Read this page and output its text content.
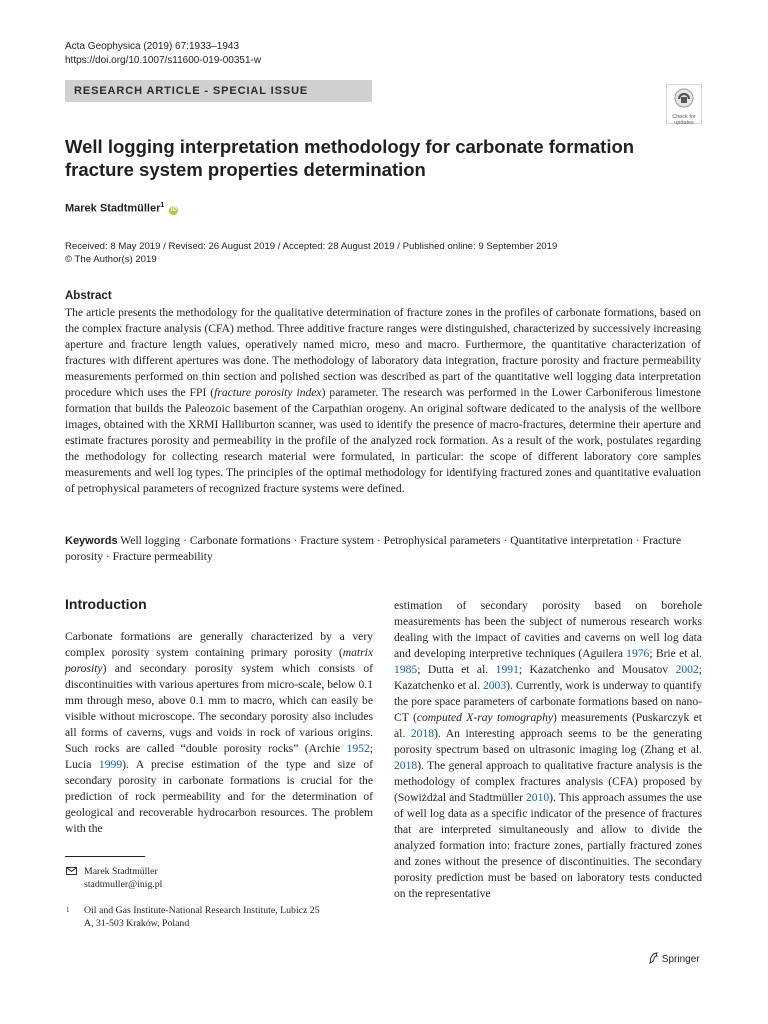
Acta Geophysica (2019) 67:1933–1943
https://doi.org/10.1007/s11600-019-00351-w
RESEARCH ARTICLE - SPECIAL ISSUE
Check for updates
Well logging interpretation methodology for carbonate formation
fracture system properties determination
Marek Stadtmüller$^1$ iD
Received: 8 May 2019 / Revised: 26 August 2019 / Accepted: 28 August 2019 / Published online: 9 September 2019
© The Author(s) 2019
Abstract

The article presents the methodology for the qualitative determination of fracture zones in the profiles of carbonate formations, based on the complex fracture analysis (CFA) method. Three additive fracture ranges were distinguished, characterized by successively increasing aperture and fracture length values, operatively named micro, meso and macro. Furthermore, the quantitative characterization of fractures with different apertures was done. The methodology of laboratory data integration, fracture porosity and fracture permeability measurements performed on thin section and polished section was described as part of the quantitative well logging data interpretation procedure which uses the FPI (fracture porosity index) parameter. The research was performed in the Lower Carboniferous limestone formation that builds the Paleozoic basement of the Carpathian orogeny. An original software dedicated to the analysis of the wellbore images, obtained with the XRMI Halliburton scanner, was used to identify the presence of macro-fractures, determine their aperture and estimate fractures porosity and permeability in the profile of the analyzed rock formation. As a result of the work, postulates regarding the methodology for collecting research material were formulated, in particular: the scope of different laboratory core samples measurements and well log types. The principles of the optimal methodology for identifying fractured zones and quantitative evaluation of petrophysical parameters of recognized fracture systems were defined.

Keywords Well logging · Carbonate formations · Fracture system · Petrophysical parameters · Quantitative interpretation · Fracture porosity · Fracture permeability

Introduction

Carbonate formations are generally characterized by a very complex porosity system containing primary porosity (matrix porosity) and secondary porosity system which consists of discontinuities with various apertures from micro-scale, below 0.1 mm through meso, above 0.1 mm to macro, which can easily be visible without microscope. The secondary porosity also includes all forms of caverns, vugs and voids in rock of various origins. Such rocks are called “double porosity rocks” (Archie 1952; Lucia 1999). A precise estimation of the type and size of secondary porosity in carbonate formations is crucial for the prediction of rock permeability and for the determination of geological and recoverable hydrocarbon resources. The problem with the

estimation of secondary porosity based on borehole measurements has been the subject of numerous research works dealing with the impact of cavities and caverns on well log data and developing interpretive techniques (Aguilera 1976; Brie et al. 1985; Dutta et al. 1991; Kazatchenko and Mousatov 2002; Kazatchenko et al. 2003). Currently, work is underway to quantify the pore space parameters of carbonate formations based on nano-CT (computed X-ray tomography) measurements (Puskarczyk et al. 2018). An interesting approach seems to be the generating porosity spectrum based on ultrasonic imaging log (Zhang et al. 2018). The general approach to qualitative fracture analysis is the methodology of complex fractures analysis (CFA) proposed by (Sowiżdżal and Stadtmüller 2010). This approach assumes the use of well log data as a specific indicator of the presence of fractures that are interpreted simultaneously and allow to divide the analyzed formation into: fracture zones, partially fractured zones and zones without the presence of discontinuities. The secondary porosity prediction must be based on laboratory tests conducted on the representative

Marek Stadtmüller
stadtmuller@inig.pl
1 Oil and Gas Institute-National Research Institute, Lubicz 25
A, 31-503 Kraków, Poland
Springer
